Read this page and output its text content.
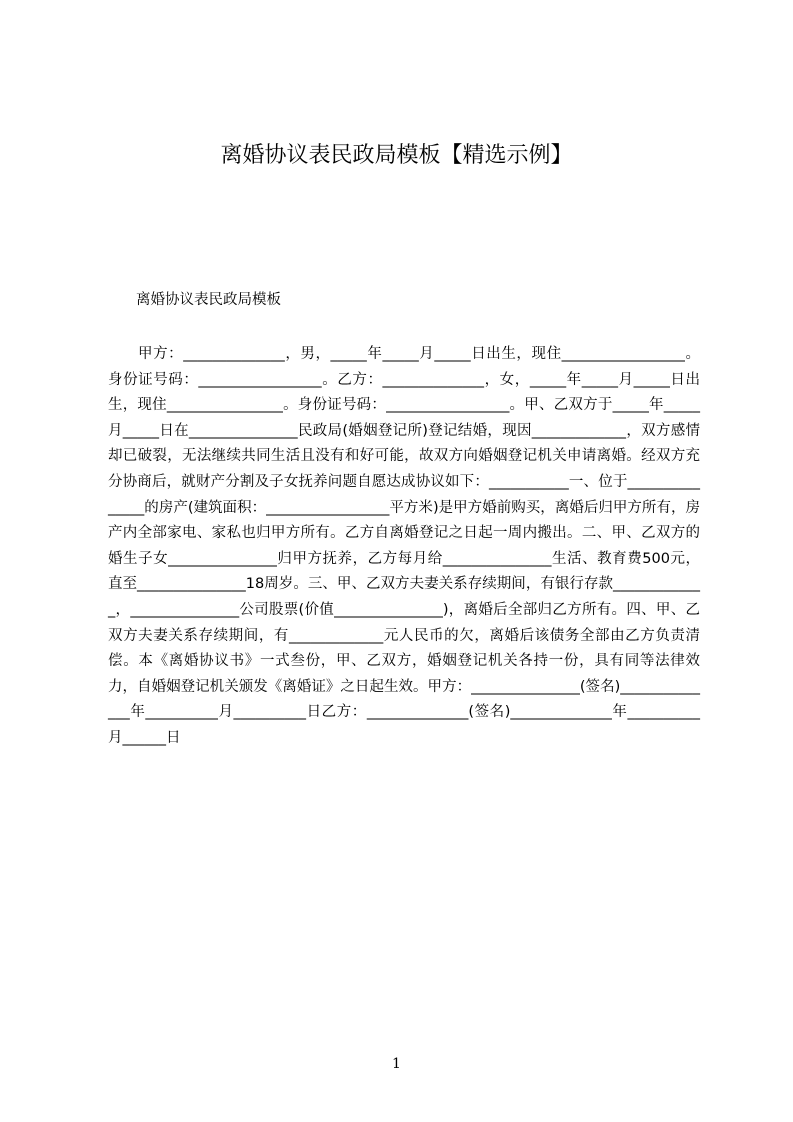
离婚协议表民政局模板【精选示例】

离婚协议表民政局模板

甲方：______________，男，_____年_____月_____日出生，现住_________________。身份证号码：_________________。乙方：______________，女，_____年_____月_____日出生，现住________________。身份证号码：_________________。甲、乙双方于_____年_____月_____日在_______________民政局(婚姻登记所)登记结婚，现因_____________，双方感情却已破裂，无法继续共同生活且没有和好可能，故双方向婚姻登记机关申请离婚。经双方充分协商后，就财产分割及子女抚养问题自愿达成协议如下：___________一、位于_______________的房产(建筑面积：_________________平方米)是甲方婚前购买，离婚后归甲方所有，房产内全部家电、家私也归甲方所有。乙方自离婚登记之日起一周内搬出。二、甲、乙双方的婚生子女_______________归甲方抚养，乙方每月给_______________生活、教育费500元，直至_______________18周岁。三、甲、乙双方夫妻关系存续期间，有银行存款_____________，_______________公司股票(价值_______________)，离婚后全部归乙方所有。四、甲、乙双方夫妻关系存续期间，有_____________元人民币的欠，离婚后该债务全部由乙方负责清偿。本《离婚协议书》一式叁份，甲、乙双方，婚姻登记机关各持一份，具有同等法律效力，自婚姻登记机关颁发《离婚证》之日起生效。甲方：_______________(签名)______________年__________月__________日乙方：______________(签名)______________年__________月______日

1
